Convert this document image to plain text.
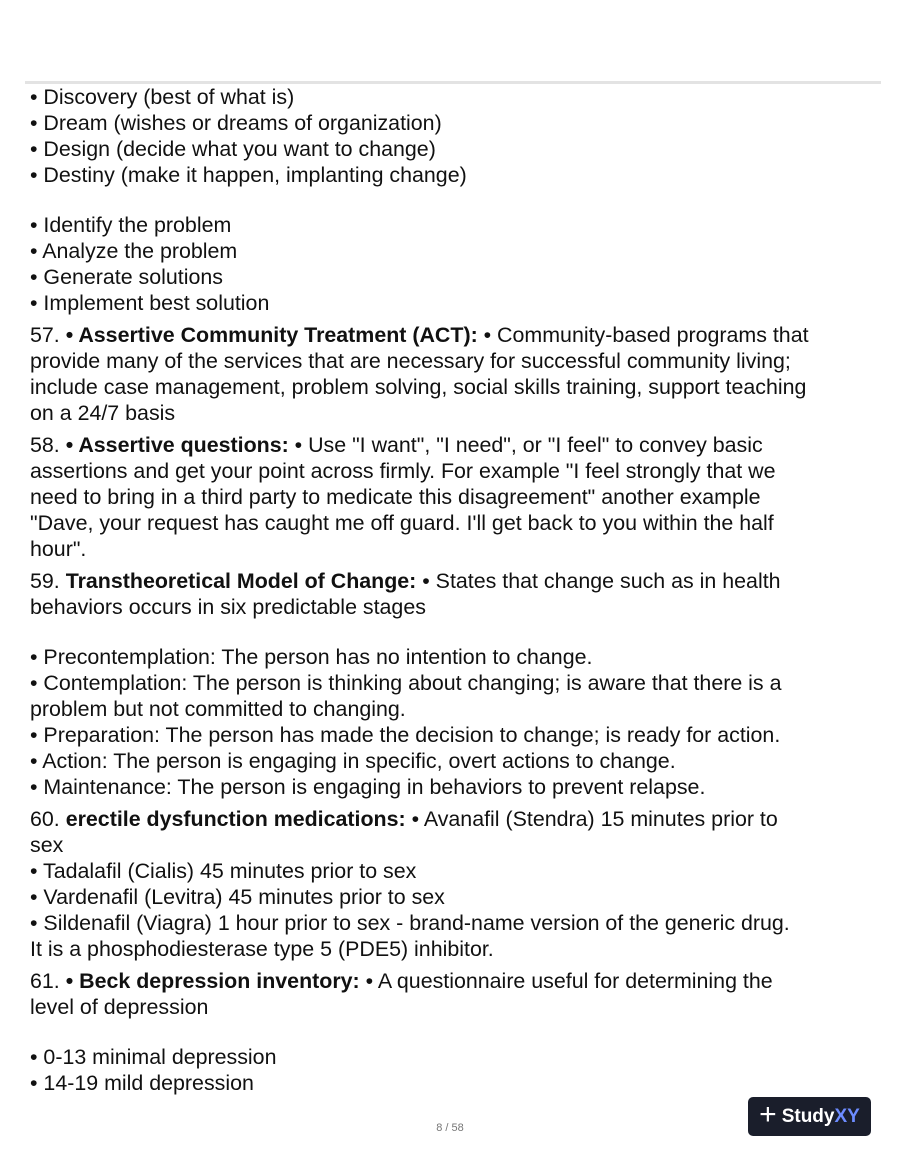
• Discovery (best of what is)
• Dream (wishes or dreams of organization)
• Design (decide what you want to change)
• Destiny (make it happen, implanting change)
• Identify the problem
• Analyze the problem
• Generate solutions
• Implement best solution
57. • Assertive Community Treatment (ACT): • Community-based programs that
provide many of the services that are necessary for successful community living;
include case management, problem solving, social skills training, support teaching
on a 24/7 basis
58. • Assertive questions: • Use "I want", "I need", or "I feel" to convey basic
assertions and get your point across firmly. For example "I feel strongly that we
need to bring in a third party to medicate this disagreement" another example
"Dave, your request has caught me off guard. I'll get back to you within the half
hour".
59. Transtheoretical Model of Change: • States that change such as in health
behaviors occurs in six predictable stages
• Precontemplation: The person has no intention to change.
• Contemplation: The person is thinking about changing; is aware that there is a
problem but not committed to changing.
• Preparation: The person has made the decision to change; is ready for action.
• Action: The person is engaging in specific, overt actions to change.
• Maintenance: The person is engaging in behaviors to prevent relapse.
60. erectile dysfunction medications: • Avanafil (Stendra) 15 minutes prior to
sex
• Tadalafil (Cialis) 45 minutes prior to sex
• Vardenafil (Levitra) 45 minutes prior to sex
• Sildenafil (Viagra) 1 hour prior to sex - brand-name version of the generic drug.
It is a phosphodiesterase type 5 (PDE5) inhibitor.
61. • Beck depression inventory: • A questionnaire useful for determining the
level of depression
• 0-13 minimal depression
• 14-19 mild depression
8 / 58	+ Study XY
